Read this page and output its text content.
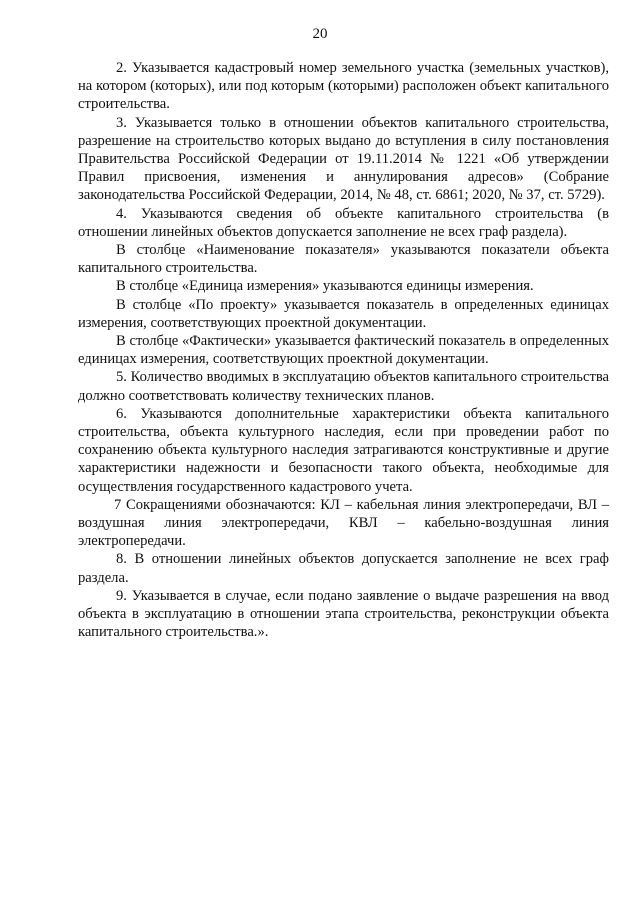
20

2. Указывается кадастровый номер земельного участка (земельных участков), на котором (которых), или под которым (которыми) расположен объект капитального строительства.

3. Указывается только в отношении объектов капитального строительства, разрешение на строительство которых выдано до вступления в силу постановления Правительства Российской Федерации от 19.11.2014 № 1221 «Об утверждении Правил присвоения, изменения и аннулирования адресов» (Собрание законодательства Российской Федерации, 2014, № 48, ст. 6861; 2020, № 37, ст. 5729).

4. Указываются сведения об объекте капитального строительства (в отношении линейных объектов допускается заполнение не всех граф раздела).

В столбце «Наименование показателя» указываются показатели объекта капитального строительства.

В столбце «Единица измерения» указываются единицы измерения.

В столбце «По проекту» указывается показатель в определенных единицах измерения, соответствующих проектной документации.

В столбце «Фактически» указывается фактический показатель в определенных единицах измерения, соответствующих проектной документации.

5. Количество вводимых в эксплуатацию объектов капитального строительства должно соответствовать количеству технических планов.

6. Указываются дополнительные характеристики объекта капитального строительства, объекта культурного наследия, если при проведении работ по сохранению объекта культурного наследия затрагиваются конструктивные и другие характеристики надежности и безопасности такого объекта, необходимые для осуществления государственного кадастрового учета.

7 Сокращениями обозначаются: КЛ – кабельная линия электропередачи, ВЛ – воздушная линия электропередачи, КВЛ – кабельно-воздушная линия электропередачи.

8. В отношении линейных объектов допускается заполнение не всех граф раздела.

9. Указывается в случае, если подано заявление о выдаче разрешения на ввод объекта в эксплуатацию в отношении этапа строительства, реконструкции объекта капитального строительства.».
